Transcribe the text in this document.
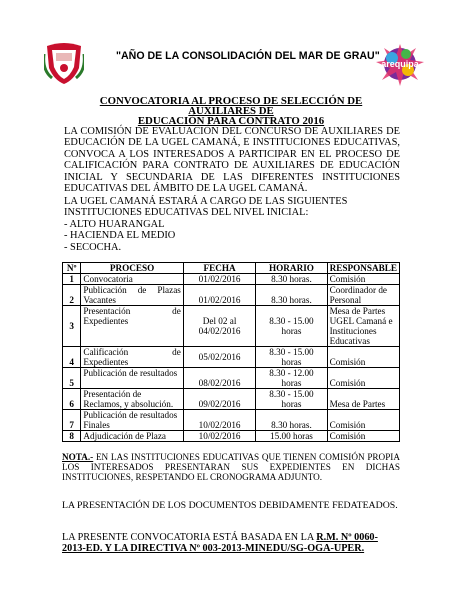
"AÑO DE LA CONSOLIDACIÓN DEL MAR DE GRAU"
arequipa
CONVOCATORIA AL PROCESO DE SELECCIÓN DE AUXILIARES DE
EDUCACIÓN PARA CONTRATO 2016
LA COMISIÓN DE EVALUACIÓN DEL CONCURSO DE AUXILIARES DE EDUCACIÓN DE LA UGEL CAMANÁ, E INSTITUCIONES EDUCATIVAS, CONVOCA A LOS INTERESADOS A PARTICIPAR EN EL PROCESO DE CALIFICACIÓN PARA CONTRATO DE AUXILIARES DE EDUCACIÓN INICIAL Y SECUNDARIA DE LAS DIFERENTES INSTITUCIONES EDUCATIVAS DEL ÁMBITO DE LA UGEL CAMANÁ.
LA UGEL CAMANÁ ESTARÁ A CARGO DE LAS SIGUIENTES INSTITUCIONES EDUCATIVAS DEL NIVEL INICIAL:
- ALTO HUARANGAL
- HACIENDA EL MEDIO
- SECOCHA.
Nº	PROCESO	FECHA	HORARIO	RESPONSABLE
1	Convocatoria	01/02/2016	8.30 horas.	Comisión
2	Publicación de Plazas Vacantes	01/02/2016	8.30 horas.	Coordinador de Personal
3	Presentación de Expedientes	Del 02 al 04/02/2016	8.30 - 15.00 horas	Mesa de Partes UGEL Camaná e Instituciones Educativas
4	Calificación de Expedientes	05/02/2016	8.30 - 15.00 horas	Comisión
5	Publicación de resultados	08/02/2016	8.30 - 12.00 horas	Comisión
6	Presentación de Reclamos, y absolución.	09/02/2016	8.30 - 15.00 horas	Mesa de Partes
7	Publicación de resultados Finales	10/02/2016	8.30 horas.	Comisión
8	Adjudicación de Plaza	10/02/2016	15.00 horas	Comisión
NOTA.- EN LAS INSTITUCIONES EDUCATIVAS QUE TIENEN COMISIÓN PROPIA LOS INTERESADOS PRESENTARAN SUS EXPEDIENTES EN DICHAS INSTITUCIONES, RESPETANDO EL CRONOGRAMA ADJUNTO.
LA PRESENTACIÓN DE LOS DOCUMENTOS DEBIDAMENTE FEDATEADOS.
LA PRESENTE CONVOCATORIA ESTÁ BASADA EN LA R.M. Nº 0060-2013-ED. Y LA DIRECTIVA Nº 003-2013-MINEDU/SG-OGA-UPER.
